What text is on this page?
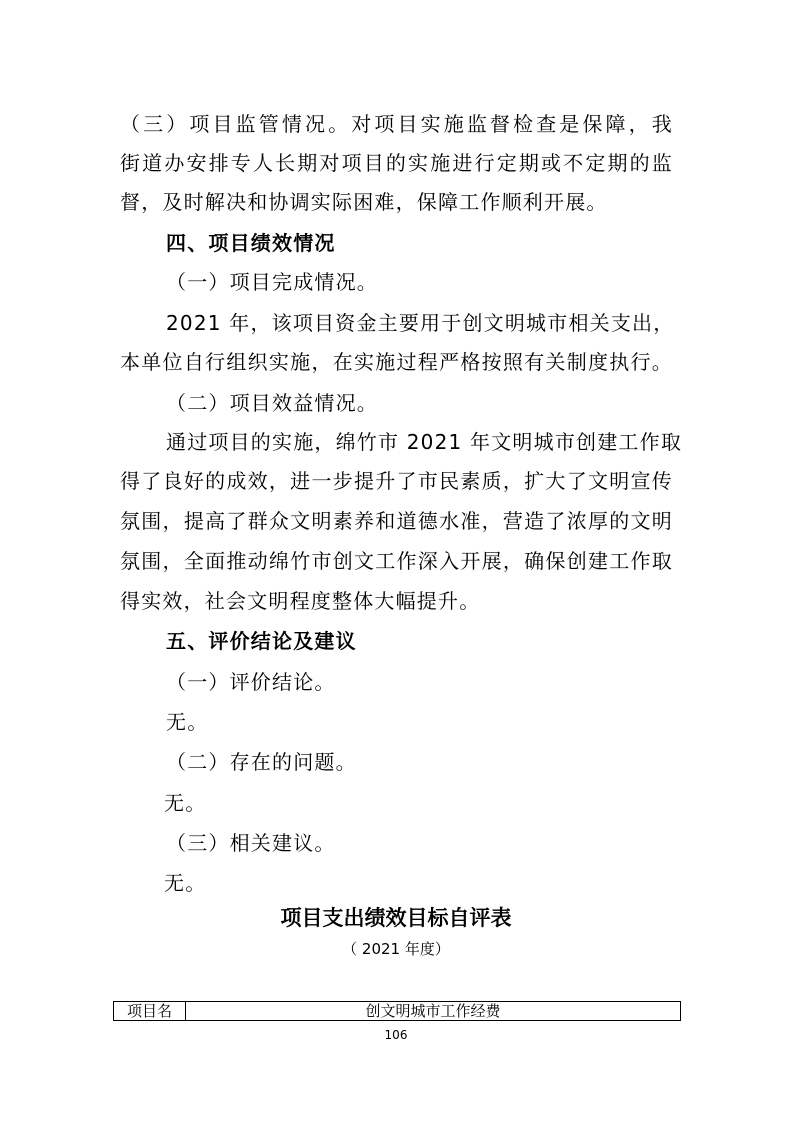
（三）项目监管情况。对项目实施监督检查是保障，我
街道办安排专人长期对项目的实施进行定期或不定期的监
督，及时解决和协调实际困难，保障工作顺利开展。
四、项目绩效情况
（一）项目完成情况。
2021 年，该项目资金主要用于创文明城市相关支出，
本单位自行组织实施，在实施过程严格按照有关制度执行。
（二）项目效益情况。
通过项目的实施，绵竹市 2021 年文明城市创建工作取
得了良好的成效，进一步提升了市民素质，扩大了文明宣传
氛围，提高了群众文明素养和道德水准，营造了浓厚的文明
氛围，全面推动绵竹市创文工作深入开展，确保创建工作取
得实效，社会文明程度整体大幅提升。
五、评价结论及建议
（一）评价结论。
无。
（二）存在的问题。
无。
（三）相关建议。
无。
项目支出绩效目标自评表
（ 2021 年度）
项目名	创文明城市工作经费
106
